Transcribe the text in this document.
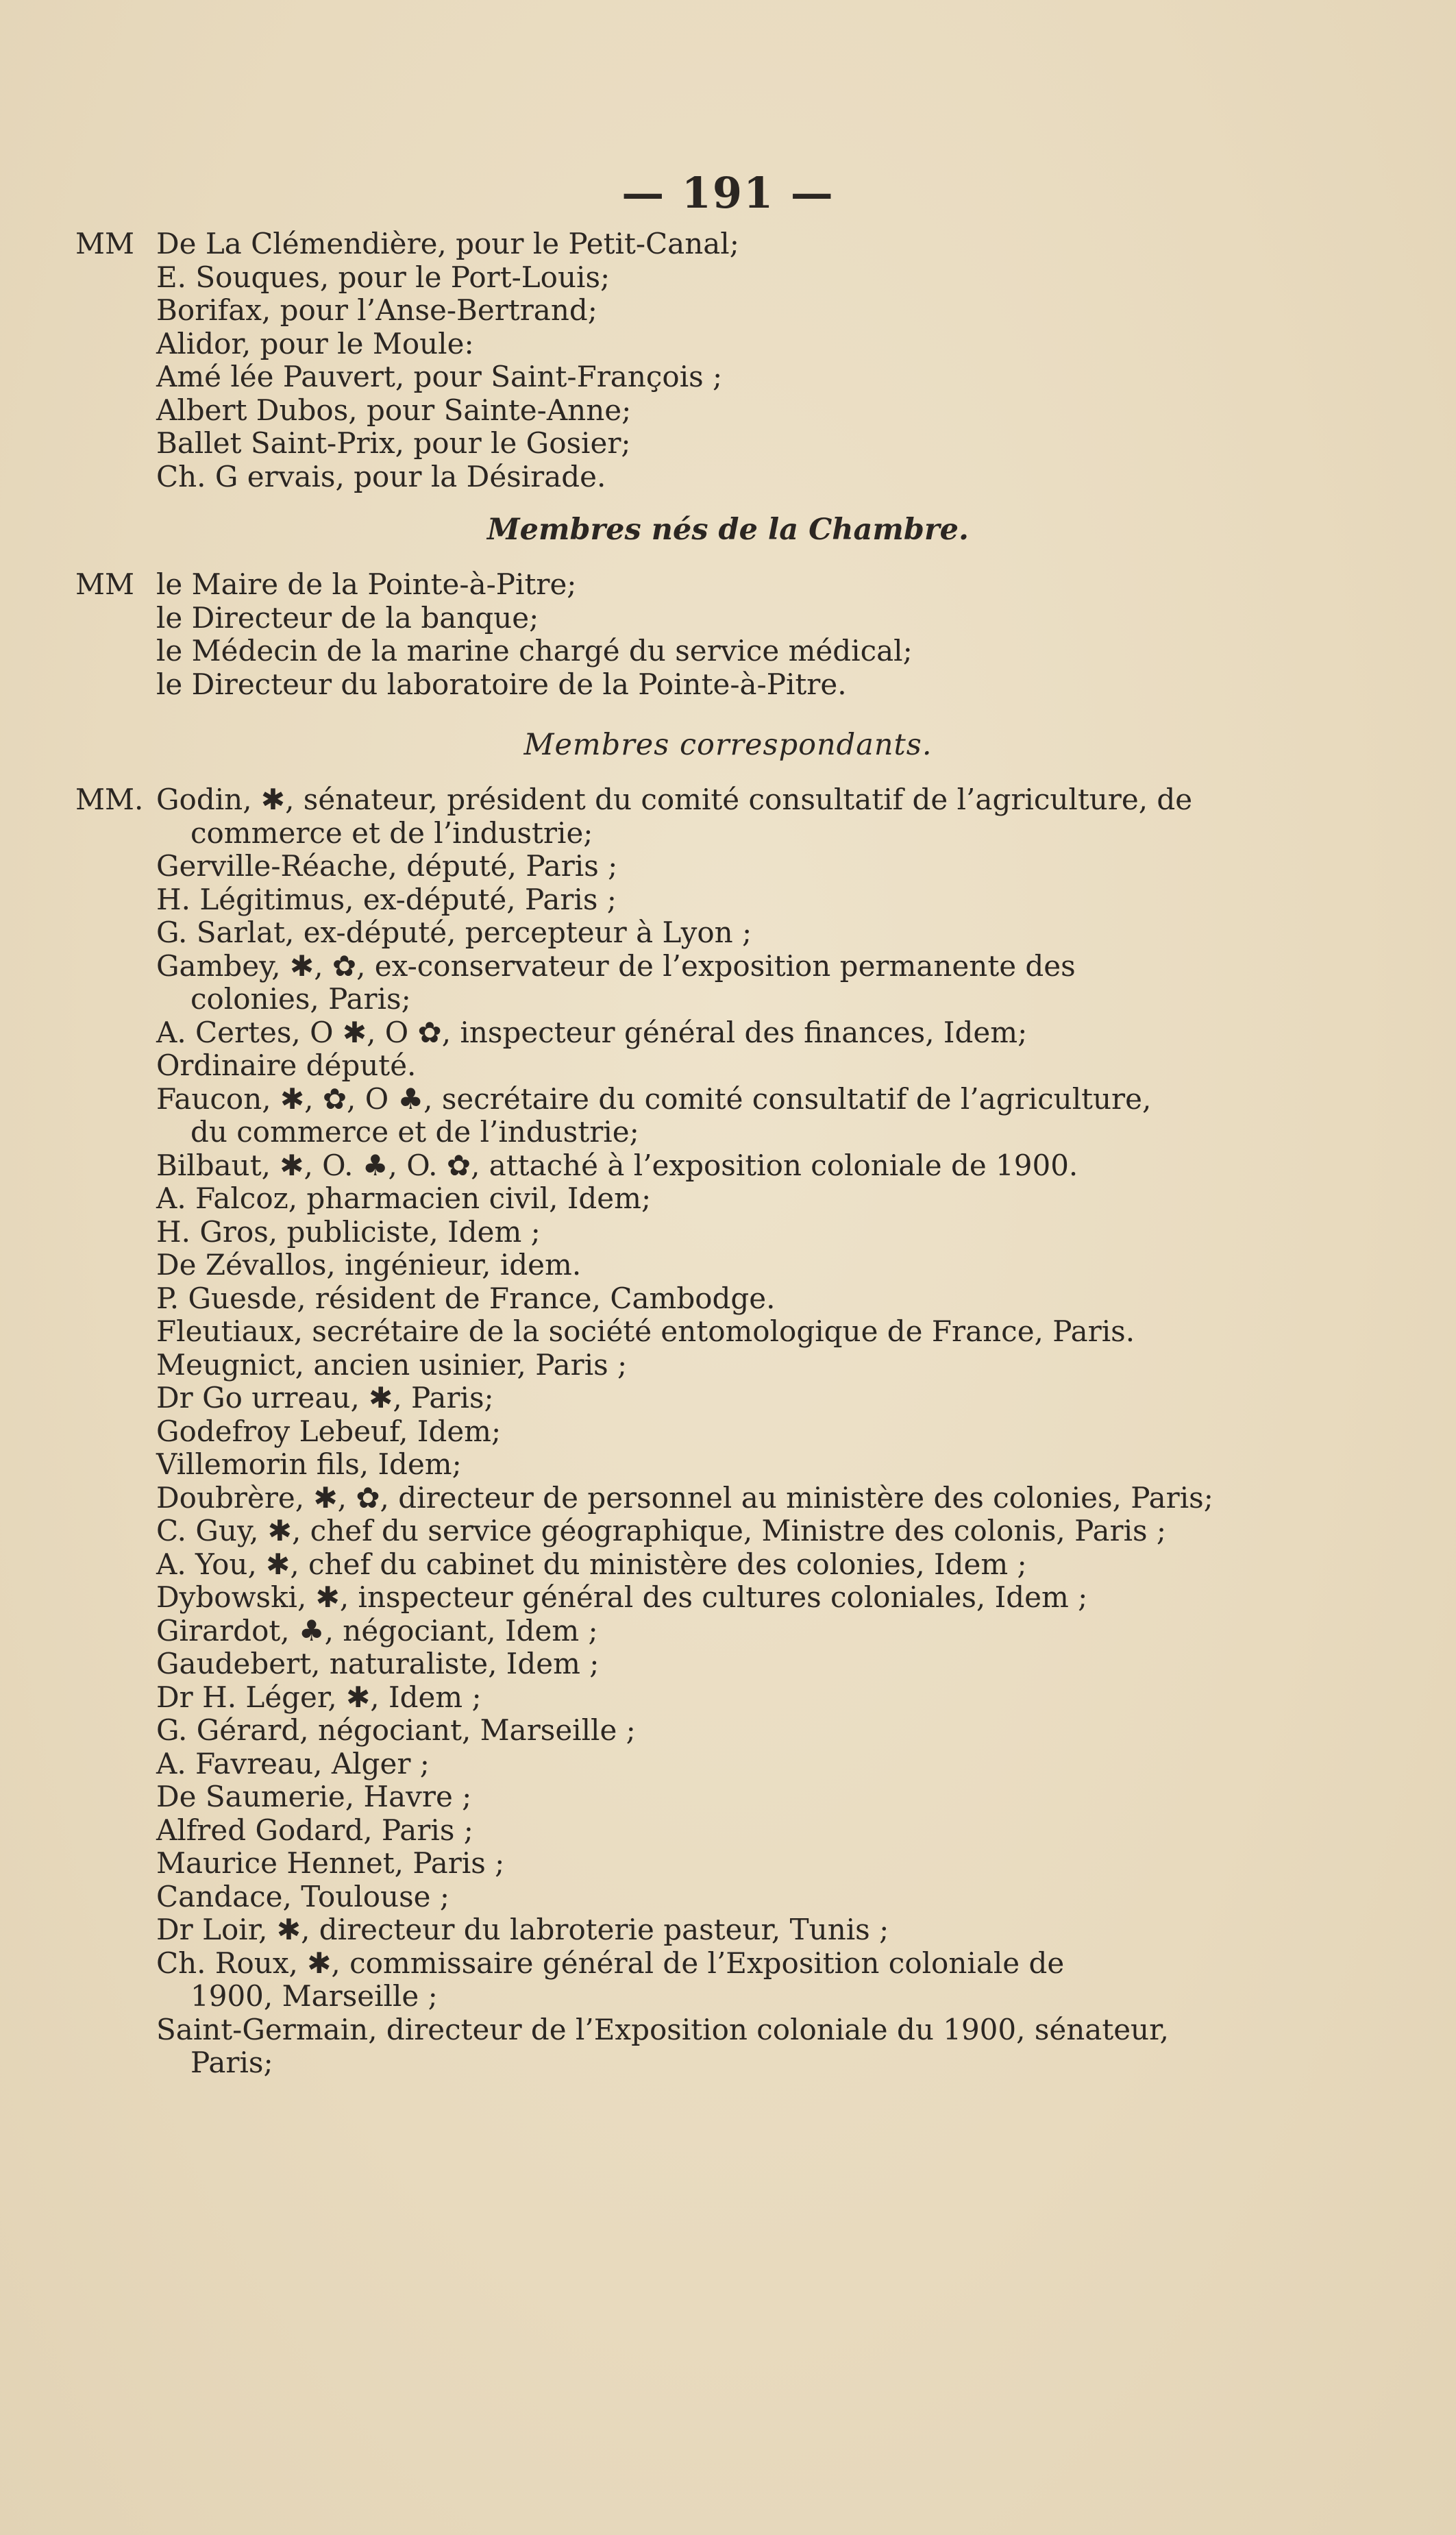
— 191 —
MM De La Clémendière, pour le Petit-Canal;
E. Souques, pour le Port-Louis;
Borifax, pour l’Anse-Bertrand;
Alidor, pour le Moule:
Amé lée Pauvert, pour Saint-François ;
Albert Dubos, pour Sainte-Anne;
Ballet Saint-Prix, pour le Gosier;
Ch. G ervais, pour la Désirade.
Membres nés de la Chambre.
MM le Maire de la Pointe-à-Pitre;
le Directeur de la banque;
le Médecin de la marine chargé du service médical;
le Directeur du laboratoire de la Pointe-à-Pitre.
Membres correspondants.
MM. Godin, ✱, sénateur, président du comité consultatif de l’agriculture, de
commerce et de l’industrie;
Gerville-Réache, député, Paris ;
H. Légitimus, ex-député, Paris ;
G. Sarlat, ex-député, percepteur à Lyon ;
Gambey, ✱, ✿, ex-conservateur de l’exposition permanente des
colonies, Paris;
A. Certes, O ✱, O ✿, inspecteur général des finances, Idem;
Ordinaire député.
Faucon, ✱, ✿, O ♣, secrétaire du comité consultatif de l’agriculture,
du commerce et de l’industrie;
Bilbaut, ✱, O. ♣, O. ✿, attaché à l’exposition coloniale de 1900.
A. Falcoz, pharmacien civil, Idem;
H. Gros, publiciste, Idem ;
De Zévallos, ingénieur, idem.
P. Guesde, résident de France, Cambodge.
Fleutiaux, secrétaire de la société entomologique de France, Paris.
Meugnict, ancien usinier, Paris ;
Dr Go urreau, ✱, Paris;
Godefroy Lebeuf, Idem;
Villemorin fils, Idem;
Doubrère, ✱, ✿, directeur de personnel au ministère des colonies, Paris;
C. Guy, ✱, chef du service géographique, Ministre des colonis, Paris ;
A. You, ✱, chef du cabinet du ministère des colonies, Idem ;
Dybowski, ✱, inspecteur général des cultures coloniales, Idem ;
Girardot, ♣, négociant, Idem ;
Gaudebert, naturaliste, Idem ;
Dr H. Léger, ✱, Idem ;
G. Gérard, négociant, Marseille ;
A. Favreau, Alger ;
De Saumerie, Havre ;
Alfred Godard, Paris ;
Maurice Hennet, Paris ;
Candace, Toulouse ;
Dr Loir, ✱, directeur du labroterie pasteur, Tunis ;
Ch. Roux, ✱, commissaire général de l’Exposition coloniale de
1900, Marseille ;
Saint-Germain, directeur de l’Exposition coloniale du 1900, sénateur,
Paris;
